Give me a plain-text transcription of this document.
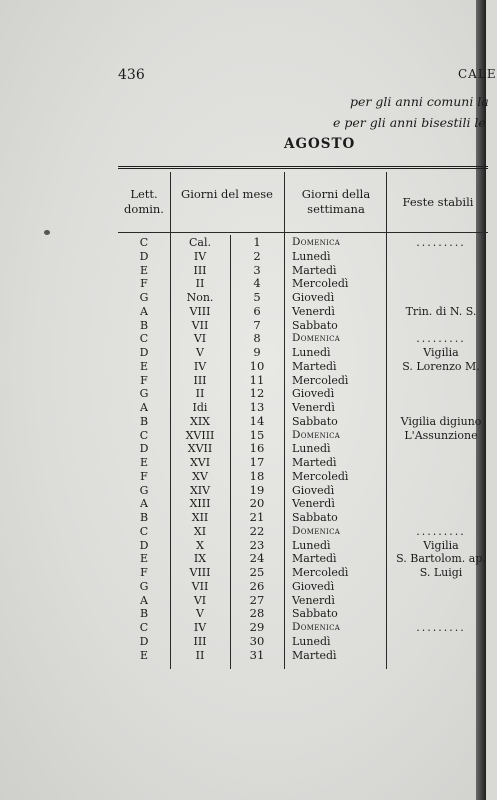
436	CALE
per gli anni comuni la
e per gli anni bisestili le
AGOSTO
Lett. domin.
Giorni del mese	Giorni della settimana	Feste stabili
C	Cal.	1	Domenica	.........
D	IV	2	Lunedì
E	III	3	Martedì
F	II	4	Mercoledì
G	Non.	5	Giovedì
A	VIII	6	Venerdì	Trin. di N. S.
B	VII	7	Sabbato
C	VI	8	Domenica	.........
D	V	9	Lunedì	Vigilia
E	IV	10	Martedì	S. Lorenzo M.
F	III	11	Mercoledì
G	II	12	Giovedì
A	Idi	13	Venerdì
B	XIX	14	Sabbato	Vigilia digiuno
C	XVIII	15	Domenica	L'Assunzione
D	XVII	16	Lunedì
E	XVI	17	Martedì
F	XV	18	Mercoledì
G	XIV	19	Giovedì
A	XIII	20	Venerdì
B	XII	21	Sabbato
C	XI	22	Domenica	.........
D	X	23	Lunedì	Vigilia
E	IX	24	Martedì	S. Bartolom. ap.
F	VIII	25	Mercoledì	S. Luigi
G	VII	26	Giovedì
A	VI	27	Venerdì
B	V	28	Sabbato
C	IV	29	Domenica	.........
D	III	30	Lunedì
E	II	31	Martedì
